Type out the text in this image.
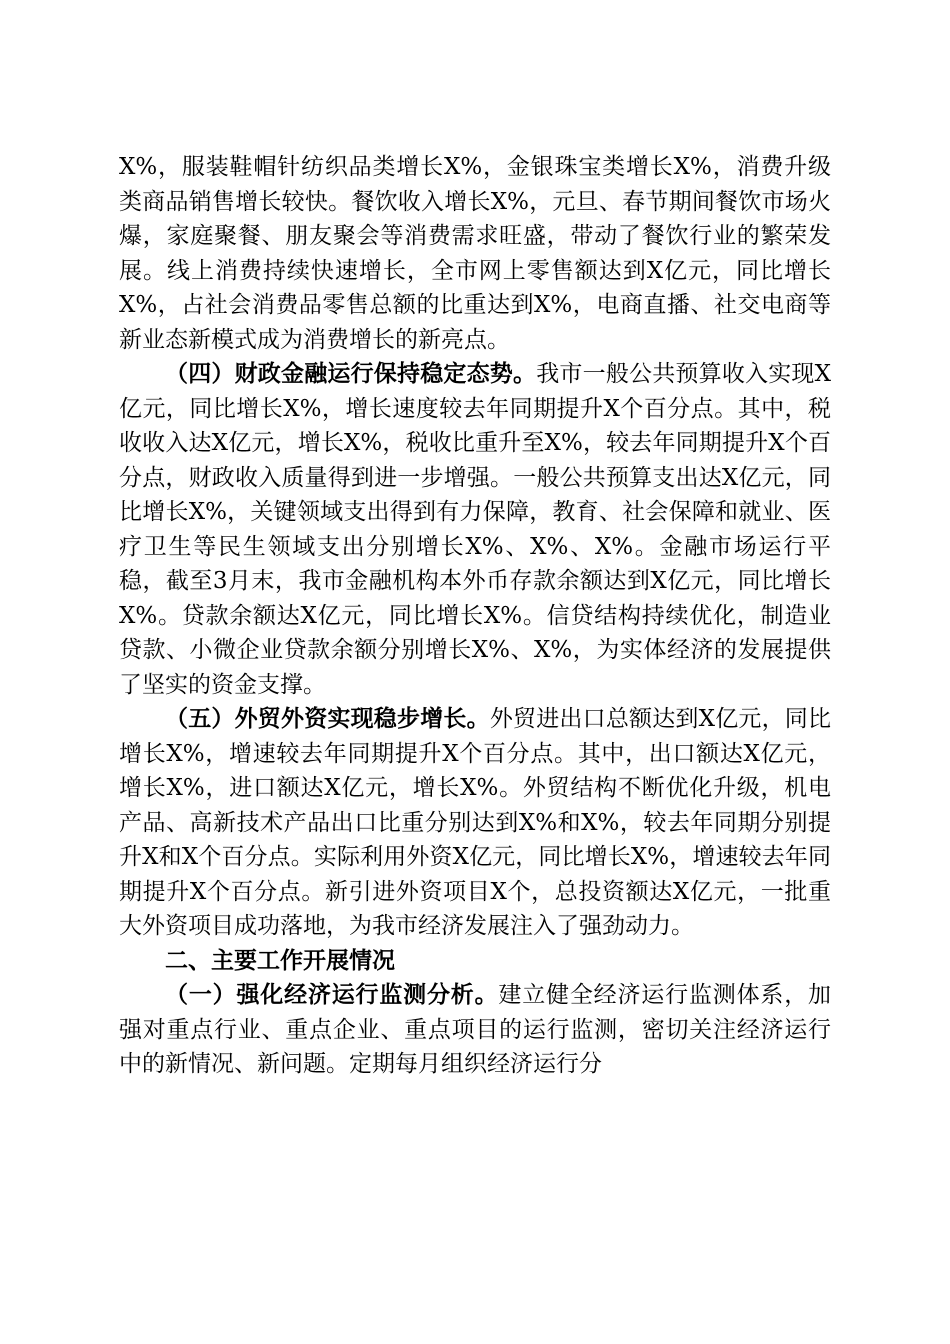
X%，服装鞋帽针纺织品类增长X%，金银珠宝类增长X%，消费升级类商品销售增长较快。餐饮收入增长X%，元旦、春节期间餐饮市场火爆，家庭聚餐、朋友聚会等消费需求旺盛，带动了餐饮行业的繁荣发展。线上消费持续快速增长，全市网上零售额达到X亿元，同比增长X%，占社会消费品零售总额的比重达到X%，电商直播、社交电商等新业态新模式成为消费增长的新亮点。

（四）财政金融运行保持稳定态势。我市一般公共预算收入实现X亿元，同比增长X%，增长速度较去年同期提升X个百分点。其中，税收收入达X亿元，增长X%，税收比重升至X%，较去年同期提升X个百分点，财政收入质量得到进一步增强。一般公共预算支出达X亿元，同比增长X%，关键领域支出得到有力保障，教育、社会保障和就业、医疗卫生等民生领域支出分别增长X%、X%、X%。金融市场运行平稳，截至3月末，我市金融机构本外币存款余额达到X亿元，同比增长X%。贷款余额达X亿元，同比增长X%。信贷结构持续优化，制造业贷款、小微企业贷款余额分别增长X%、X%，为实体经济的发展提供了坚实的资金支撑。

（五）外贸外资实现稳步增长。外贸进出口总额达到X亿元，同比增长X%，增速较去年同期提升X个百分点。其中，出口额达X亿元，增长X%，进口额达X亿元，增长X%。外贸结构不断优化升级，机电产品、高新技术产品出口比重分别达到X%和X%，较去年同期分别提升X和X个百分点。实际利用外资X亿元，同比增长X%，增速较去年同期提升X个百分点。新引进外资项目X个，总投资额达X亿元，一批重大外资项目成功落地，为我市经济发展注入了强劲动力。

二、主要工作开展情况

（一）强化经济运行监测分析。建立健全经济运行监测体系，加强对重点行业、重点企业、重点项目的运行监测，密切关注经济运行中的新情况、新问题。定期每月组织经济运行分
